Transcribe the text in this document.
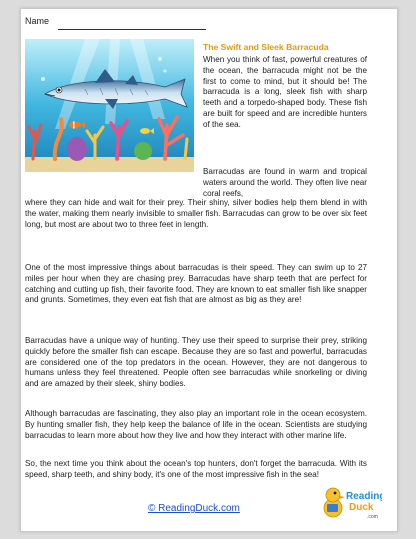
Name
The Swift and Sleek Barracuda

When you think of fast, powerful creatures of the ocean, the barracuda might not be the first to come to mind, but it should be! The barracuda is a long, sleek fish with sharp teeth and a torpedo-shaped body. These fish are built for speed and are incredible hunters of the sea.

Barracudas are found in warm and tropical waters around the world. They often live near coral reefs,

where they can hide and wait for their prey. Their shiny, silver bodies help them blend in with the water, making them nearly invisible to smaller fish. Barracudas can grow to be over six feet long, but most are about two to three feet in length.

One of the most impressive things about barracudas is their speed. They can swim up to 27 miles per hour when they are chasing prey. Barracudas have sharp teeth that are perfect for catching and cutting up fish, their favorite food. They are known to eat smaller fish like snapper and grunts. Sometimes, they even eat fish that are almost as big as they are!

Barracudas have a unique way of hunting. They use their speed to surprise their prey, striking quickly before the smaller fish can escape. Because they are so fast and powerful, barracudas are considered one of the top predators in the ocean. However, they are not dangerous to humans unless they feel threatened. People often see barracudas while snorkeling or diving and are amazed by their sleek, shiny bodies.

Although barracudas are fascinating, they also play an important role in the ocean ecosystem. By hunting smaller fish, they help keep the balance of life in the ocean. Scientists are studying barracudas to learn more about how they live and how they interact with other marine life.

So, the next time you think about the ocean's top hunters, don't forget the barracuda. With its speed, sharp teeth, and shiny body, it's one of the most impressive fish in the sea!

© ReadingDuck.com
Reading
Duck
.com
